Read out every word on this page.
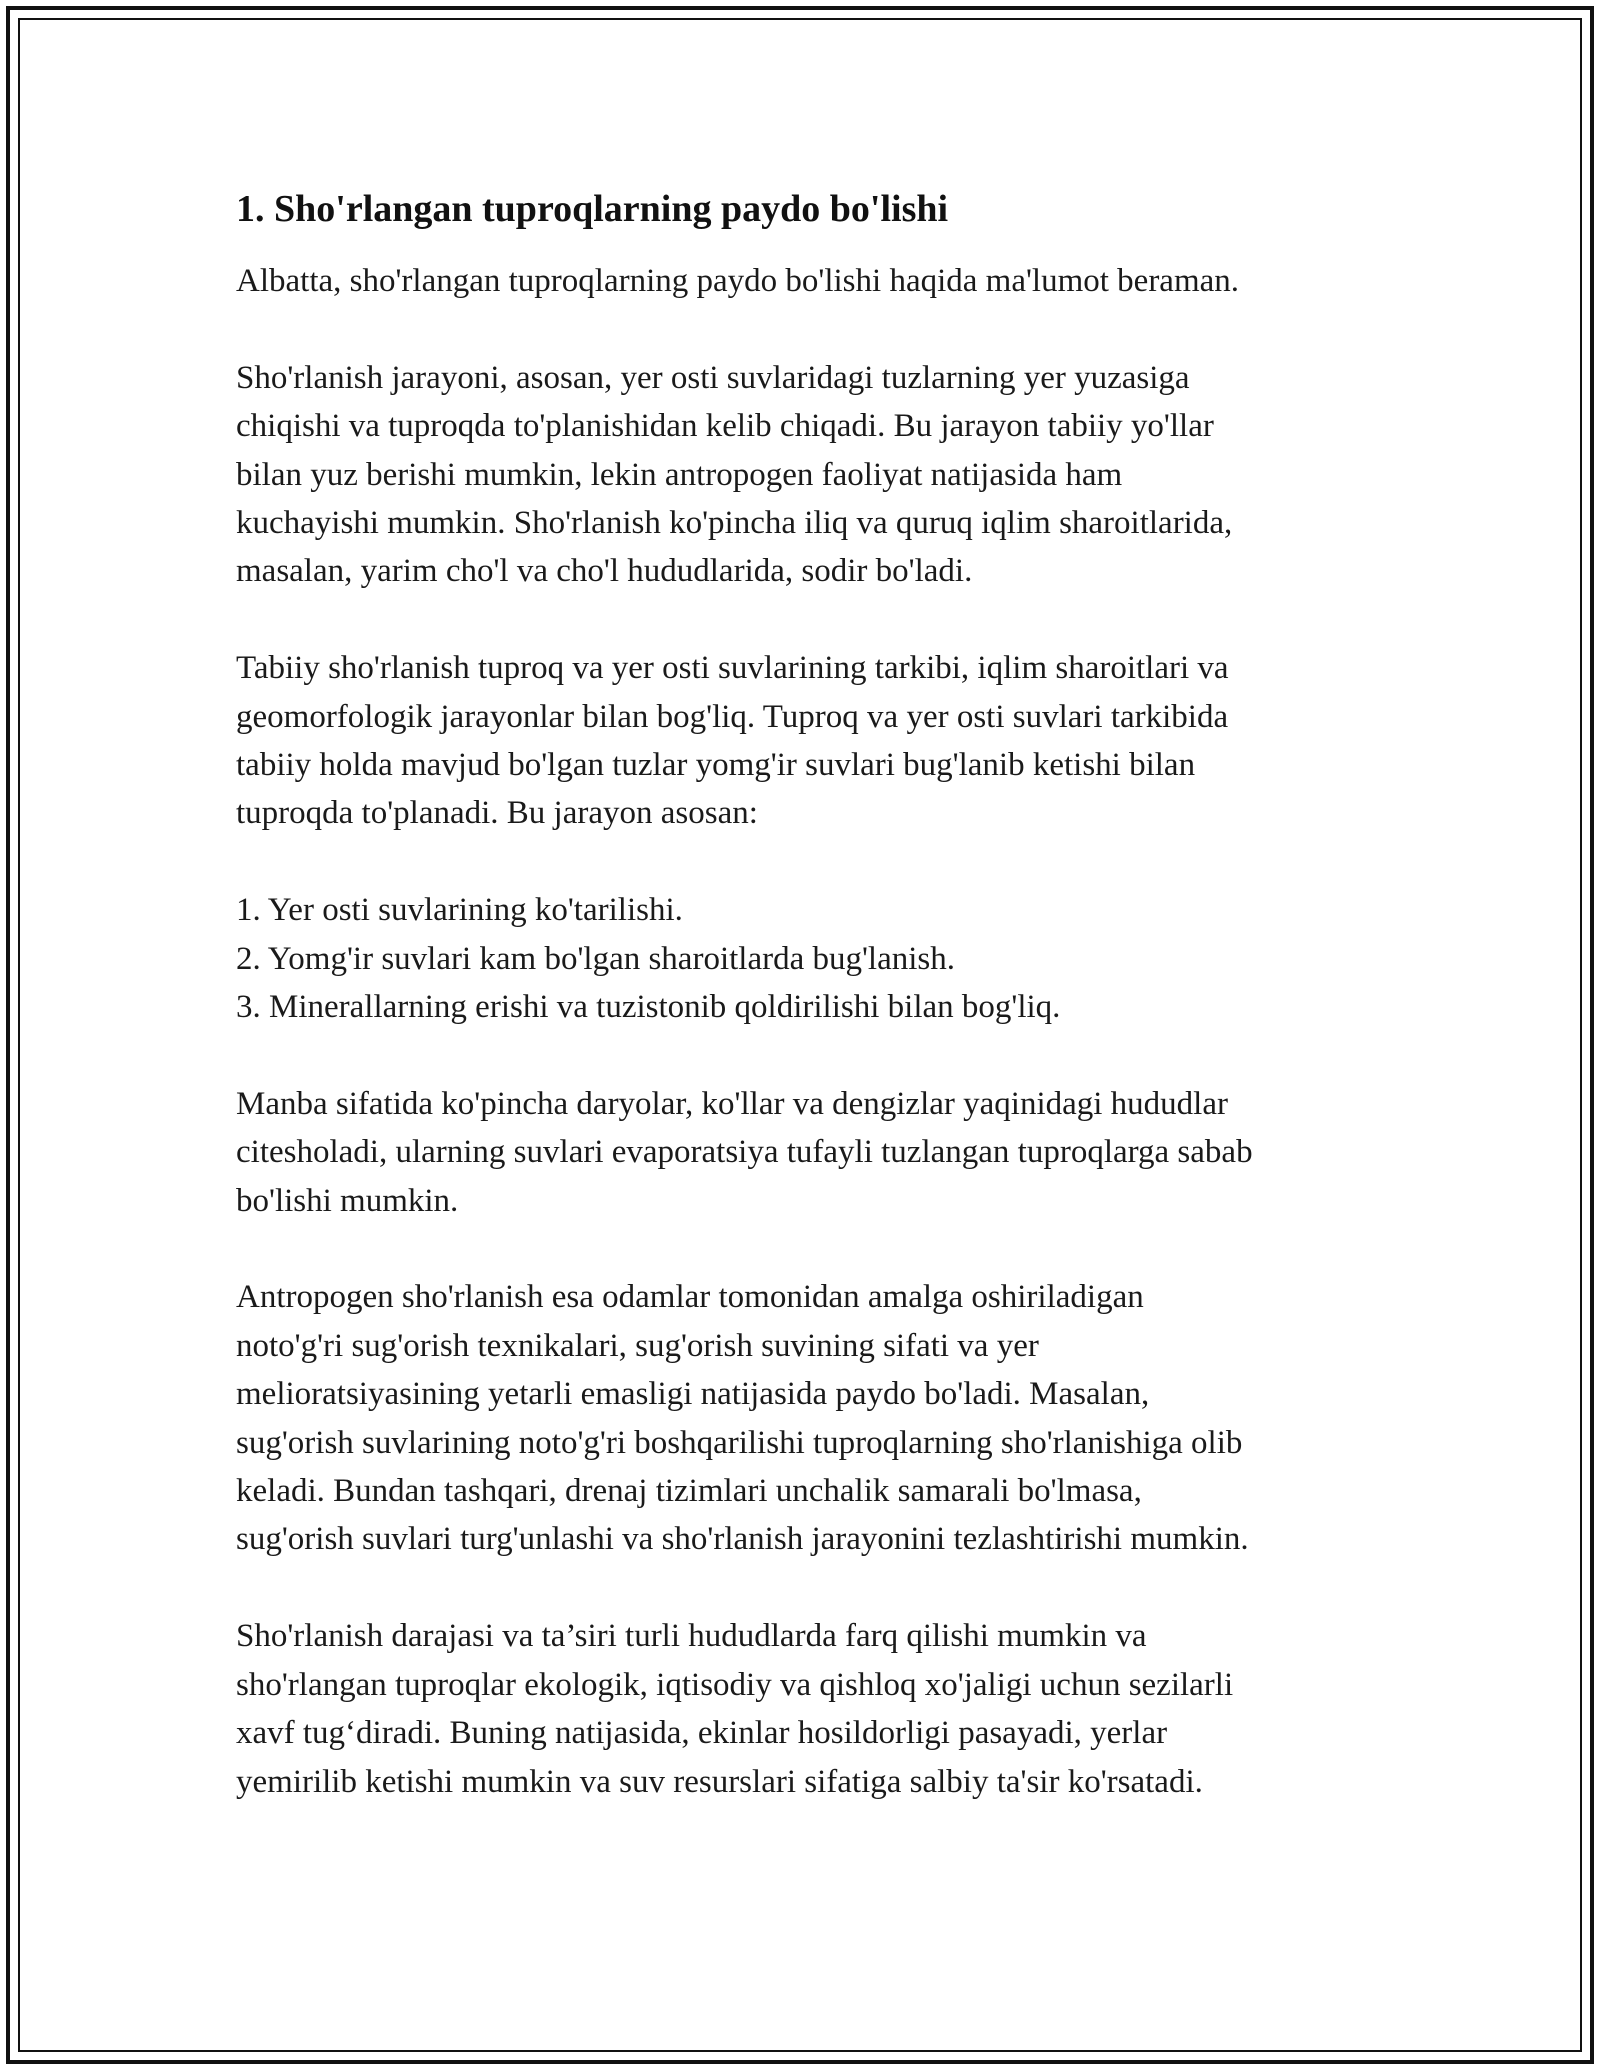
1. Sho'rlangan tuproqlarning paydo bo'lishi

Albatta, sho'rlangan tuproqlarning paydo bo'lishi haqida ma'lumot beraman.

Sho'rlanish jarayoni, asosan, yer osti suvlaridagi tuzlarning yer yuzasiga
chiqishi va tuproqda to'planishidan kelib chiqadi. Bu jarayon tabiiy yo'llar
bilan yuz berishi mumkin, lekin antropogen faoliyat natijasida ham
kuchayishi mumkin. Sho'rlanish ko'pincha iliq va quruq iqlim sharoitlarida,
masalan, yarim cho'l va cho'l hududlarida, sodir bo'ladi.

Tabiiy sho'rlanish tuproq va yer osti suvlarining tarkibi, iqlim sharoitlari va
geomorfologik jarayonlar bilan bog'liq. Tuproq va yer osti suvlari tarkibida
tabiiy holda mavjud bo'lgan tuzlar yomg'ir suvlari bug'lanib ketishi bilan
tuproqda to'planadi. Bu jarayon asosan:

1. Yer osti suvlarining ko'tarilishi.
2. Yomg'ir suvlari kam bo'lgan sharoitlarda bug'lanish.
3. Minerallarning erishi va tuzistonib qoldirilishi bilan bog'liq.

Manba sifatida ko'pincha daryolar, ko'llar va dengizlar yaqinidagi hududlar
citesholadi, ularning suvlari evaporatsiya tufayli tuzlangan tuproqlarga sabab
bo'lishi mumkin.

Antropogen sho'rlanish esa odamlar tomonidan amalga oshiriladigan
noto'g'ri sug'orish texnikalari, sug'orish suvining sifati va yer
melioratsiyasining yetarli emasligi natijasida paydo bo'ladi. Masalan,
sug'orish suvlarining noto'g'ri boshqarilishi tuproqlarning sho'rlanishiga olib
keladi. Bundan tashqari, drenaj tizimlari unchalik samarali bo'lmasa,
sug'orish suvlari turg'unlashi va sho'rlanish jarayonini tezlashtirishi mumkin.

Sho'rlanish darajasi va ta’siri turli hududlarda farq qilishi mumkin va
sho'rlangan tuproqlar ekologik, iqtisodiy va qishloq xo'jaligi uchun sezilarli
xavf tug‘diradi. Buning natijasida, ekinlar hosildorligi pasayadi, yerlar
yemirilib ketishi mumkin va suv resurslari sifatiga salbiy ta'sir ko'rsatadi.
